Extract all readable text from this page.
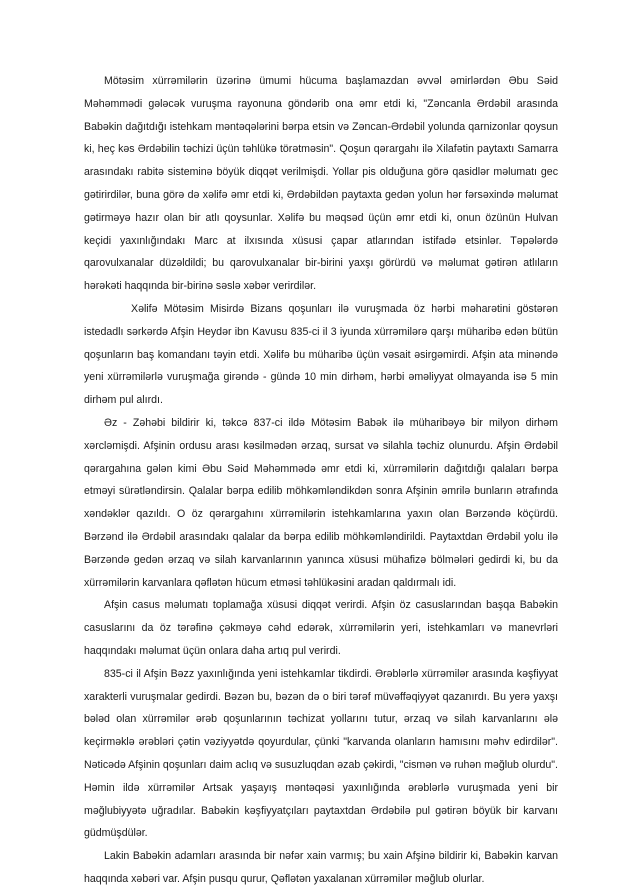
Mötəsim xürrəmilərin üzərinə ümumi hücuma başlamazdan əvvəl əmirlərdən Əbu Səid Məhəmmədi gələcək vuruşma rayonuna göndərib ona əmr etdi ki, "Zəncanla Ərdəbil arasında Babəkin dağıtdığı istehkam məntəqələrini bərpa etsin və Zəncan-Ərdəbil yolunda qarnizonlar qoysun ki, heç kəs Ərdəbilin təchizi üçün təhlükə törətməsin". Qoşun qərargahı ilə Xilafətin paytaxtı Samarra arasındakı rabitə sisteminə böyük diqqət verilmişdi. Yollar pis olduğuna görə qasidlər məlumatı gec gətirirdilər, buna görə də xəlifə əmr etdi ki, Ərdəbildən paytaxta gedən yolun hər fərsəxində məlumat gətirməyə hazır olan bir atlı qoysunlar. Xəlifə bu məqsəd üçün əmr etdi ki, onun özünün Hulvan keçidi yaxınlığındakı Marc at ilxısında xüsusi çapar atlarından istifadə etsinlər. Təpələrdə qarovulxanalar düzəldildi; bu qarovulxanalar bir-birini yaxşı görürdü və məlumat gətirən atlıların hərəkəti haqqında bir-birinə səslə xəbər verirdilər.

Xəlifə Mötəsim Misirdə Bizans qoşunları ilə vuruşmada öz hərbi məharətini göstərən istedadlı sərkərdə Afşin Heydər ibn Kavusu 835-ci il 3 iyunda xürrəmilərə qarşı müharibə edən bütün qoşunların baş komandanı təyin etdi. Xəlifə bu müharibə üçün vəsait əsirgəmirdi. Afşin ata minəndə yeni xürrəmilərlə vuruşmağa girəndə - gündə 10 min dirhəm, hərbi əməliyyat olmayanda isə 5 min dirhəm pul alırdı.

Əz - Zəhəbi bildirir ki, təkcə 837-ci ildə Mötəsim Babək ilə müharibəyə bir milyon dirhəm xərcləmişdi. Afşinin ordusu arası kəsilmədən ərzaq, sursat və silahla təchiz olunurdu. Afşin Ərdəbil qərargahına gələn kimi Əbu Səid Məhəmmədə əmr etdi ki, xürrəmilərin dağıtdığı qalaları bərpa etməyi sürətləndirsin. Qalalar bərpa edilib möhkəmləndikdən sonra Afşinin əmrilə bunların ətrafında xəndəklər qazıldı. O öz qərargahını xürrəmilərin istehkamlarına yaxın olan Bərzəndə köçürdü. Bərzənd ilə Ərdəbil arasındakı qalalar da bərpa edilib möhkəmləndirildi. Paytaxtdan Ərdəbil yolu ilə Bərzəndə gedən ərzaq və silah karvanlarının yanınca xüsusi mühafizə bölmələri gedirdi ki, bu da xürrəmilərin karvanlara qəflətən hücum etməsi təhlükəsini aradan qaldırmalı idi.

Afşin casus məlumatı toplamağa xüsusi diqqət verirdi. Afşin öz casuslarından başqa Babəkin casuslarını da öz tərəfinə çəkməyə cəhd edərək, xürrəmilərin yeri, istehkamları və manevrləri haqqındakı məlumat üçün onlara daha artıq pul verirdi.

835-ci il Afşin Bəzz yaxınlığında yeni istehkamlar tikdirdi. Ərəblərlə xürrəmilər arasında kəşfiyyat xarakterli vuruşmalar gedirdi. Bəzən bu, bəzən də o biri tərəf müvəffəqiyyət qazanırdı. Bu yerə yaxşı bələd olan xürrəmilər ərəb qoşunlarının təchizat yollarını tutur, ərzaq və silah karvanlarını ələ keçirməklə ərəbləri çətin vəziyyətdə qoyurdular, çünki "karvanda olanların hamısını məhv edirdilər". Nəticədə Afşinin qoşunları daim aclıq və susuzluqdan əzab çəkirdi, "cismən və ruhən məğlub olurdu". Həmin ildə xürrəmilər Artsak yaşayış məntəqəsi yaxınlığında ərəblərlə vuruşmada yeni bir məğlubiyyətə uğradılar. Babəkin kəşfiyyatçıları paytaxtdan Ərdəbilə pul gətirən böyük bir karvanı güdmüşdülər.

Lakin Babəkin adamları arasında bir nəfər xain varmış; bu xain Afşinə bildirir ki, Babəkin karvan haqqında xəbəri var. Afşin pusqu qurur, Qəflətən yaxalanan xürrəmilər məğlub olurlar.
